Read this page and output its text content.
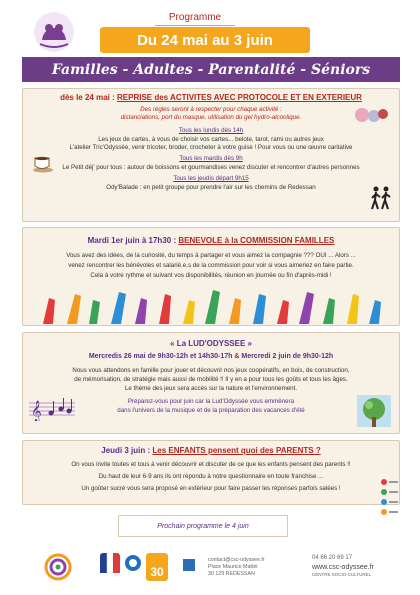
Programme
Du 24 mai au 3 juin
Familles - Adultes - Parentalité - Séniors
dès le 24 mai : REPRISE des ACTIVITES AVEC PROTOCOLE ET EN EXTERIEUR
Des règles seront à respecter pour chaque activité :
distanciations, port du masque, utilisation du gel hydro-alcoolique.
Tous les lundis dès 14h
Les jeux de cartes, à vous de choisir vos cartes... belote, tarot, rami ou autres jeux
L'atelier Tric'Odyssée, venir tricoter, broder, crocheter à votre guise ! Pour vous ou une œuvre caritative
Tous les mardis dès 9h
Le Petit déj' pour tous : autour de boissons et gourmandises venez discuter et rencontrer d'autres personnes
Tous les jeudis départ 9h15
Ody'Balade : en petit groupe pour prendre l'air sur les chemins de Redessan
Mardi 1er juin à 17h30 : BENEVOLE à la COMMISSION FAMILLES
Vous avez des idées, de la curiosité, du temps à partager et vous aimez la compagnie ??? OUI ... Alors ...
venez rencontrer les bénévoles et salarié.e.s de la commission pour voir si vous aimeriez en faire partie.
Cela à votre rythme et suivant vos disponibilités, réunion en journée ou fin d'après-midi !
« La LUD'ODYSSEE »
Mercredis 26 mai de 9h30-12h et 14h30-17h & Mercredi 2 juin de 9h30-12h
Nous vous attendons en famille pour jouer et découvrir nos jeux coopératifs, en bois, de construction,
de mémorisation, de stratégie mais aussi de mobilité !! Il y en a pour tous les goûts et tous les âges.
Le thème des jeux sera accès sur la nature et l'environnement.
Préparez-vous pour juin car la Lud'Odyssée vous emmènera
dans l'univers de la musique et de la préparation des vacances d'été
𝄞
Jeudi 3 juin : Les ENFANTS pensent quoi des PARENTS ?
On vous invite toutes et tous à venir découvrir et discuter de ce que les enfants pensent des parents !!
Du haut de leur 6-9 ans ils ont répondu à notre questionnaire en toute franchise ...
Un goûter sucré vous sera proposé en extérieur pour faire passer les réponses parfois salées !
Prochain programme le 4 juin
30
contact@csc-odyssee.fr
Place Maurice Mattéi
30 129 REDESSAN
04 66 20 69 17
www.csc-odyssee.fr
CENTRE SOCIO-CULTUREL
